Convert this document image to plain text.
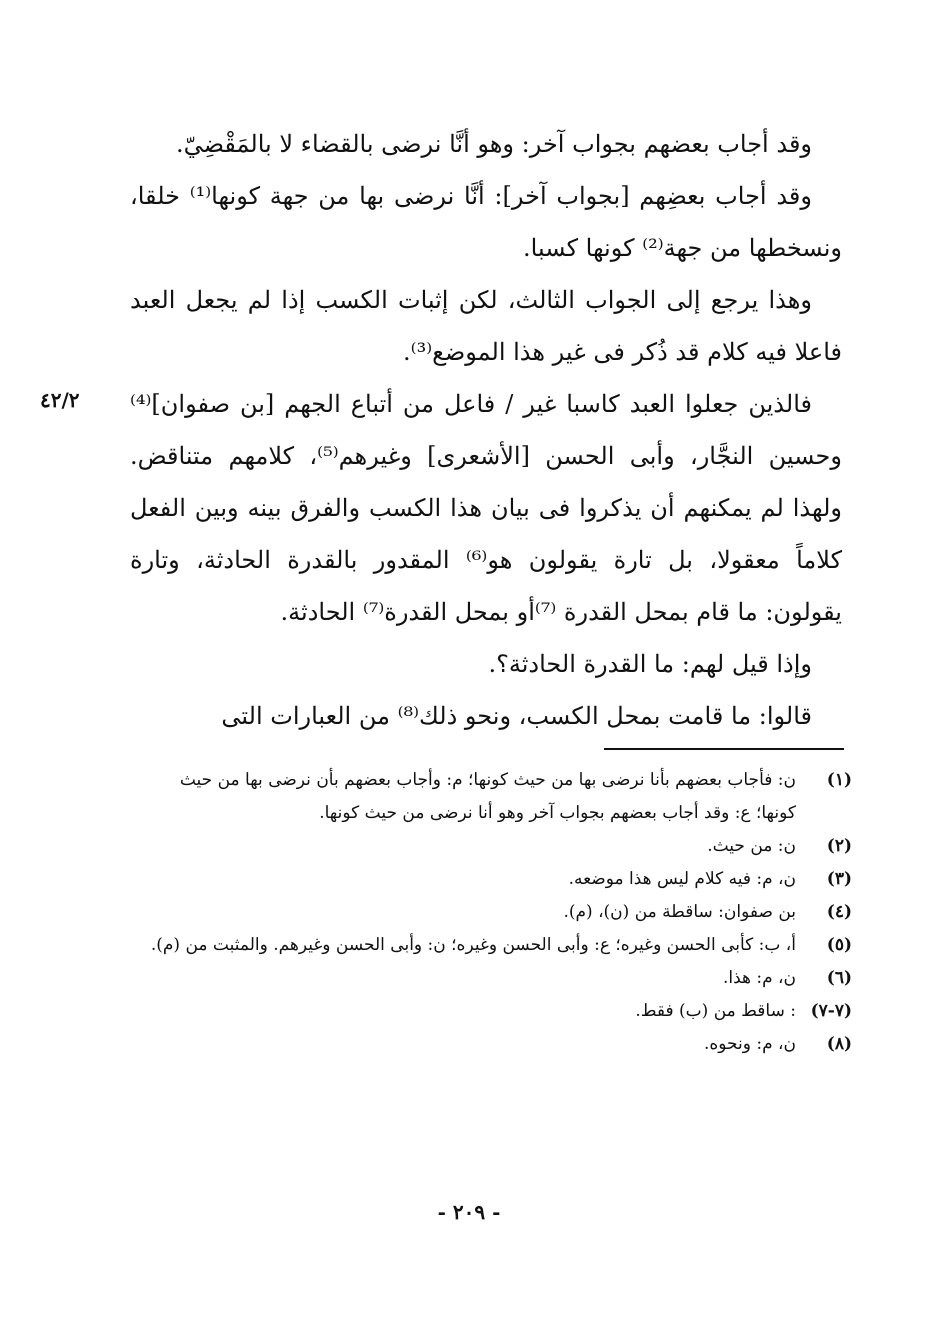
وقد أجاب بعضهم بجواب آخر: وهو أنَّا نرضى بالقضاء لا بالمَقْضِيّ.

وقد أجاب بعضِهم [بجواب آخر]: أنَّا نرضى بها من جهة كونها⁽¹⁾ خلقا، ونسخطها من جهة⁽²⁾ كونها كسبا.

وهذا يرجع إلى الجواب الثالث، لكن إثبات الكسب إذا لم يجعل العبد فاعلا فيه كلام قد ذُكر فى غير هذا الموضع⁽³⁾.

فالذين جعلوا العبد كاسبا غير / فاعل من أتباع الجهم [بن صفوان]⁽⁴⁾ وحسين النجَّار، وأبى الحسن [الأشعرى] وغيرهم⁽⁵⁾، كلامهم متناقض. ولهذا لم يمكنهم أن يذكروا فى بيان هذا الكسب والفرق بينه وبين الفعل كلاماً معقولا، بل تارة يقولون هو⁽⁶⁾ المقدور بالقدرة الحادثة، وتارة يقولون: ما قام بمحل القدرة ⁽⁷⁾أو بمحل القدرة⁽⁷⁾ الحادثة.

وإذا قيل لهم: ما القدرة الحادثة؟.

قالوا: ما قامت بمحل الكسب، ونحو ذلك⁽⁸⁾ من العبارات التى

٤٢/٢
(١)
ن: فأجاب بعضهم بأنا نرضى بها من حيث كونها؛ م: وأجاب بعضهم بأن نرضى بها من حيث كونها؛ ع: وقد أجاب بعضهم بجواب آخر وهو أنا نرضى من حيث كونها.
(٢)
ن: من حيث.
(٣)
ن، م: فيه كلام ليس هذا موضعه.
(٤)
بن صفوان: ساقطة من (ن)، (م).
(٥)
أ، ب: كأبى الحسن وغيره؛ ع: وأبى الحسن وغيره؛ ن: وأبى الحسن وغيرهم. والمثبت من (م).
(٦)
ن، م: هذا.
(٧-٧)
: ساقط من (ب) فقط.
(٨)
ن، م: ونحوه.
- ٢٠٩ -
